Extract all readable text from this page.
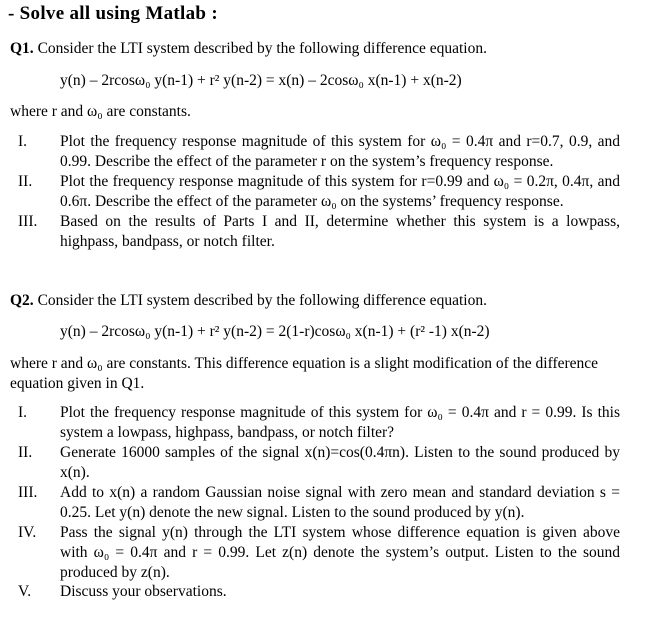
- Solve all using Matlab :
Q1. Consider the LTI system described by the following difference equation.
y(n) – 2rcosω₀ y(n-1) + r² y(n-2) = x(n) – 2cosω₀ x(n-1) + x(n-2)
where r and ω₀ are constants.
I.	Plot the frequency response magnitude of this system for ω₀ = 0.4π and r=0.7, 0.9, and 0.99. Describe the effect of the parameter r on the system’s frequency response.
II.	Plot the frequency response magnitude of this system for r=0.99 and ω₀ = 0.2π, 0.4π, and 0.6π. Describe the effect of the parameter ω₀ on the systems’ frequency response.
III.	Based on the results of Parts I and II, determine whether this system is a lowpass, highpass, bandpass, or notch filter.
Q2. Consider the LTI system described by the following difference equation.
y(n) – 2rcosω₀ y(n-1) + r² y(n-2) = 2(1-r)cosω₀ x(n-1) + (r² -1) x(n-2)
where r and ω₀ are constants. This difference equation is a slight modification of the difference equation given in Q1.
I.	Plot the frequency response magnitude of this system for ω₀ = 0.4π and r = 0.99. Is this system a lowpass, highpass, bandpass, or notch filter?
II.	Generate 16000 samples of the signal x(n)=cos(0.4πn). Listen to the sound produced by x(n).
III.	Add to x(n) a random Gaussian noise signal with zero mean and standard deviation s = 0.25. Let y(n) denote the new signal. Listen to the sound produced by y(n).
IV.	Pass the signal y(n) through the LTI system whose difference equation is given above with ω₀ = 0.4π and r = 0.99. Let z(n) denote the system’s output. Listen to the sound produced by z(n).
V.	Discuss your observations.
